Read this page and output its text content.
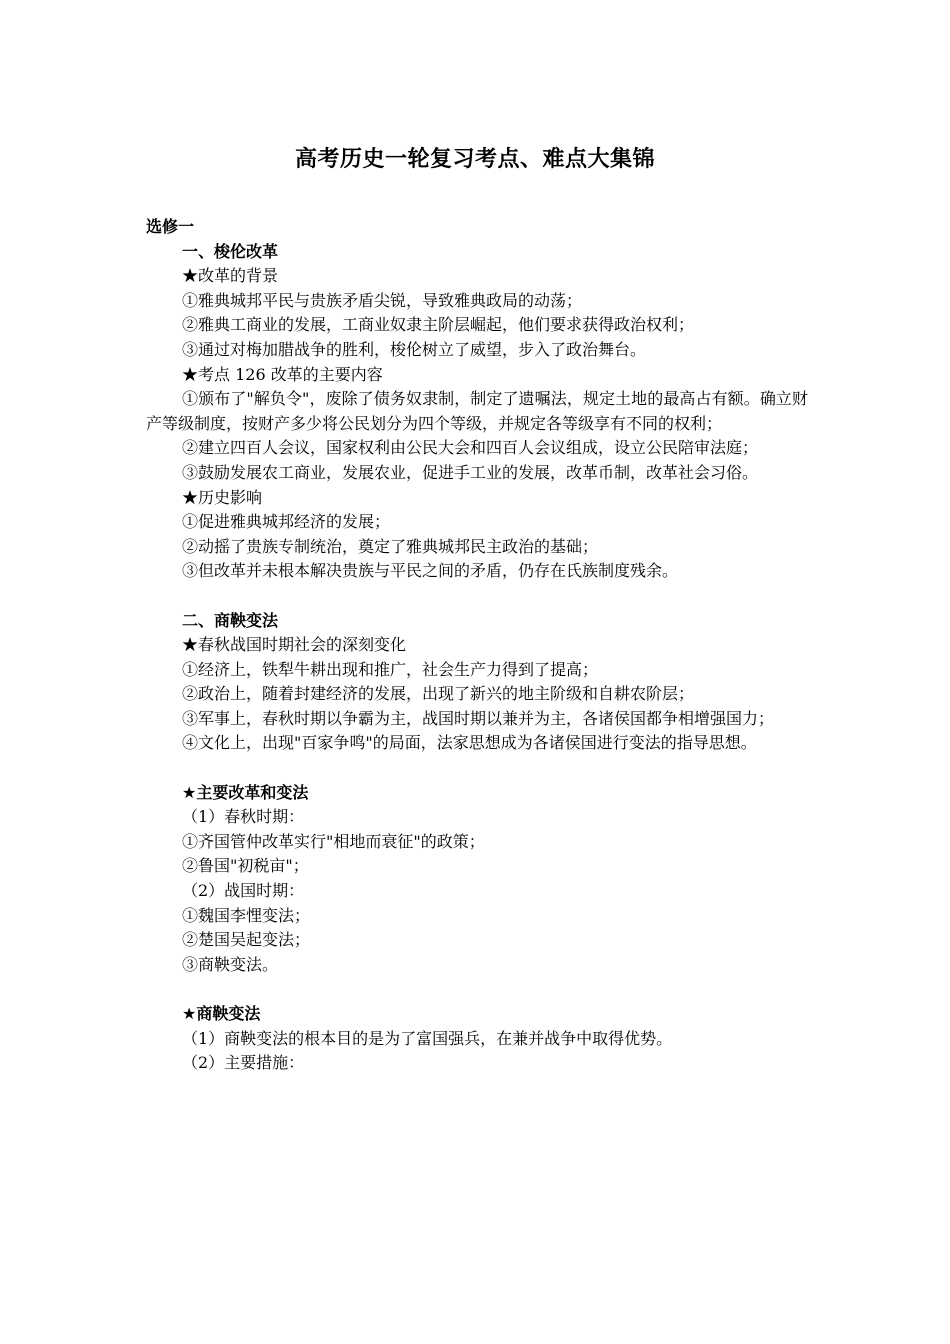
高考历史一轮复习考点、难点大集锦
选修一
一、梭伦改革
★改革的背景
①雅典城邦平民与贵族矛盾尖锐，导致雅典政局的动荡；
②雅典工商业的发展，工商业奴隶主阶层崛起，他们要求获得政治权利；
③通过对梅加腊战争的胜利，梭伦树立了威望，步入了政治舞台。
★考点 126 改革的主要内容
①颁布了"解负令"，废除了债务奴隶制，制定了遗嘱法，规定土地的最高占有额。确立财产等级制度，按财产多少将公民划分为四个等级，并规定各等级享有不同的权利；
②建立四百人会议，国家权利由公民大会和四百人会议组成，设立公民陪审法庭；
③鼓励发展农工商业，发展农业，促进手工业的发展，改革币制，改革社会习俗。
★历史影响
①促进雅典城邦经济的发展；
②动摇了贵族专制统治，奠定了雅典城邦民主政治的基础；
③但改革并未根本解决贵族与平民之间的矛盾，仍存在氏族制度残余。
二、商鞅变法
★春秋战国时期社会的深刻变化
①经济上，铁犁牛耕出现和推广，社会生产力得到了提高；
②政治上，随着封建经济的发展，出现了新兴的地主阶级和自耕农阶层；
③军事上，春秋时期以争霸为主，战国时期以兼并为主，各诸侯国都争相增强国力；
④文化上，出现"百家争鸣"的局面，法家思想成为各诸侯国进行变法的指导思想。
★主要改革和变法
（1）春秋时期：
①齐国管仲改革实行"相地而衰征"的政策；
②鲁国"初税亩"；
（2）战国时期：
①魏国李悝变法；
②楚国吴起变法；
③商鞅变法。
★商鞅变法
（1）商鞅变法的根本目的是为了富国强兵，在兼并战争中取得优势。
（2）主要措施：
